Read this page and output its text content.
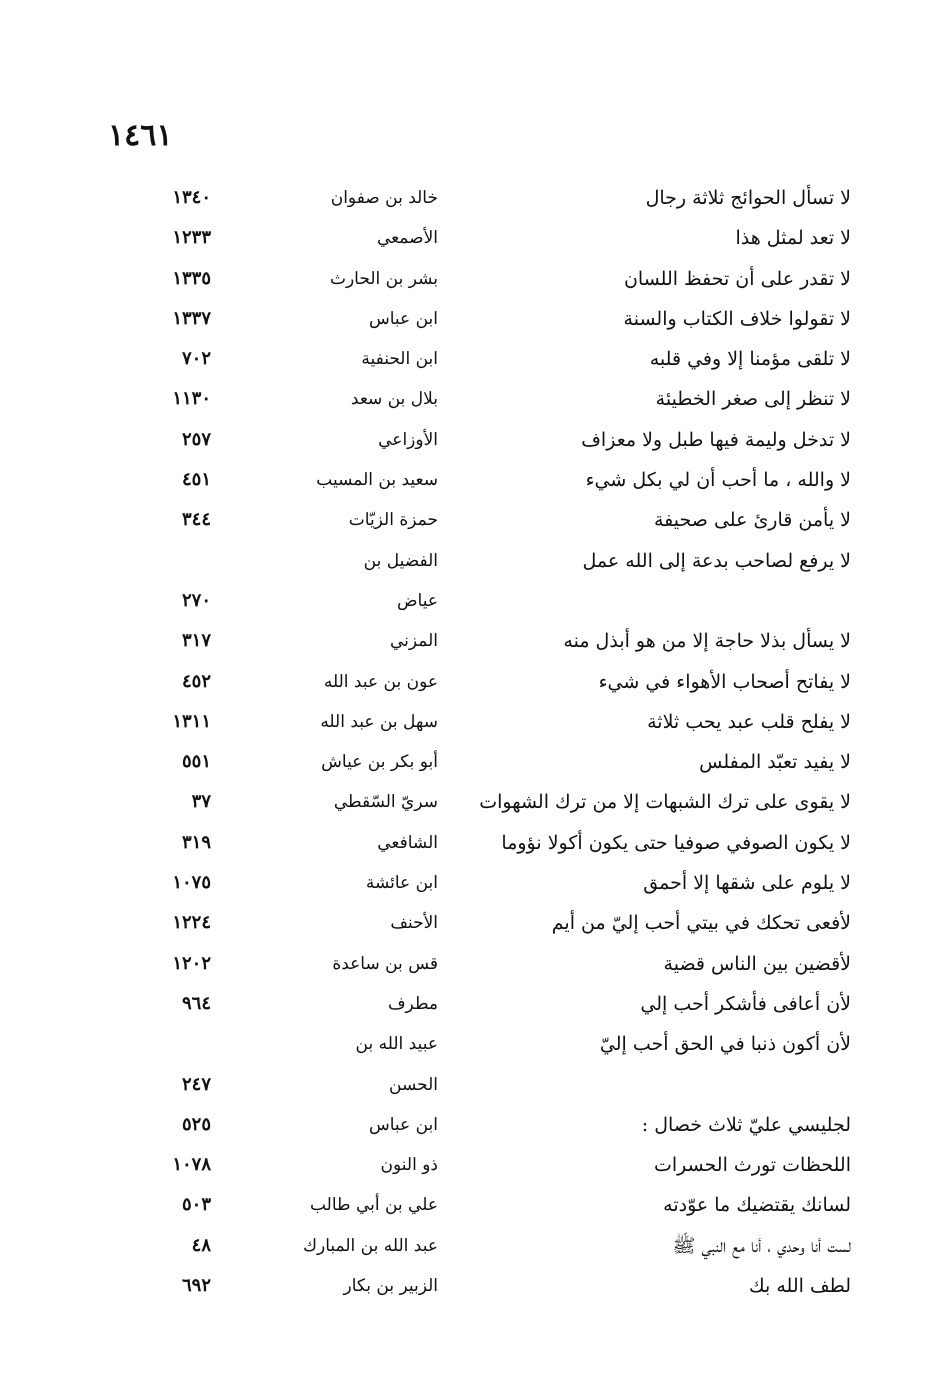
١٤٦١
لا تسأل الحوائج ثلاثة رجال
خالد بن صفوان
١٣٤٠
لا تعد لمثل هذا
الأصمعي
١٢٣٣
لا تقدر على أن تحفظ اللسان
بشر بن الحارث
١٣٣٥
لا تقولوا خلاف الكتاب والسنة
ابن عباس
١٣٣٧
لا تلقى مؤمنا إلا وفي قلبه
ابن الحنفية
٧٠٢
لا تنظر إلى صغر الخطيئة
بلال بن سعد
١١٣٠
لا تدخل وليمة فيها طبل ولا معزاف
الأوزاعي
٢٥٧
لا والله ، ما أحب أن لي بكل شيء
سعيد بن المسيب
٤٥١
لا يأمن قارئ على صحيفة
حمزة الزيّات
٣٤٤
لا يرفع لصاحب بدعة إلى الله عمل
الفضيل بن
عياض
٢٧٠
لا يسأل بذلا حاجة إلا من هو أبذل منه
المزني
٣١٧
لا يفاتح أصحاب الأهواء في شيء
عون بن عبد الله
٤٥٢
لا يفلح قلب عبد يحب ثلاثة
سهل بن عبد الله
١٣١١
لا يفيد تعبّد المفلس
أبو بكر بن عياش
٥٥١
لا يقوى على ترك الشبهات إلا من ترك الشهوات
سريّ السّقطي
٣٧
لا يكون الصوفي صوفيا حتى يكون أكولا نؤوما
الشافعي
٣١٩
لا يلوم على شقها إلا أحمق
ابن عائشة
١٠٧٥
لأفعى تحكك في بيتي أحب إليّ من أيم
الأحنف
١٢٢٤
لأقضين بين الناس قضية
قس بن ساعدة
١٢٠٢
لأن أعافى فأشكر أحب إلي
مطرف
٩٦٤
لأن أكون ذنبا في الحق أحب إليّ
عبيد الله بن
الحسن
٢٤٧
لجليسي عليّ ثلاث خصال :
ابن عباس
٥٢٥
اللحظات تورث الحسرات
ذو النون
١٠٧٨
لسانك يقتضيك ما عوّدته
علي بن أبي طالب
٥٠٣
لست أنا وحدي ، أنا مع النبي ﷺ
عبد الله بن المبارك
٤٨
لطف الله بك
الزبير بن بكار
٦٩٢
